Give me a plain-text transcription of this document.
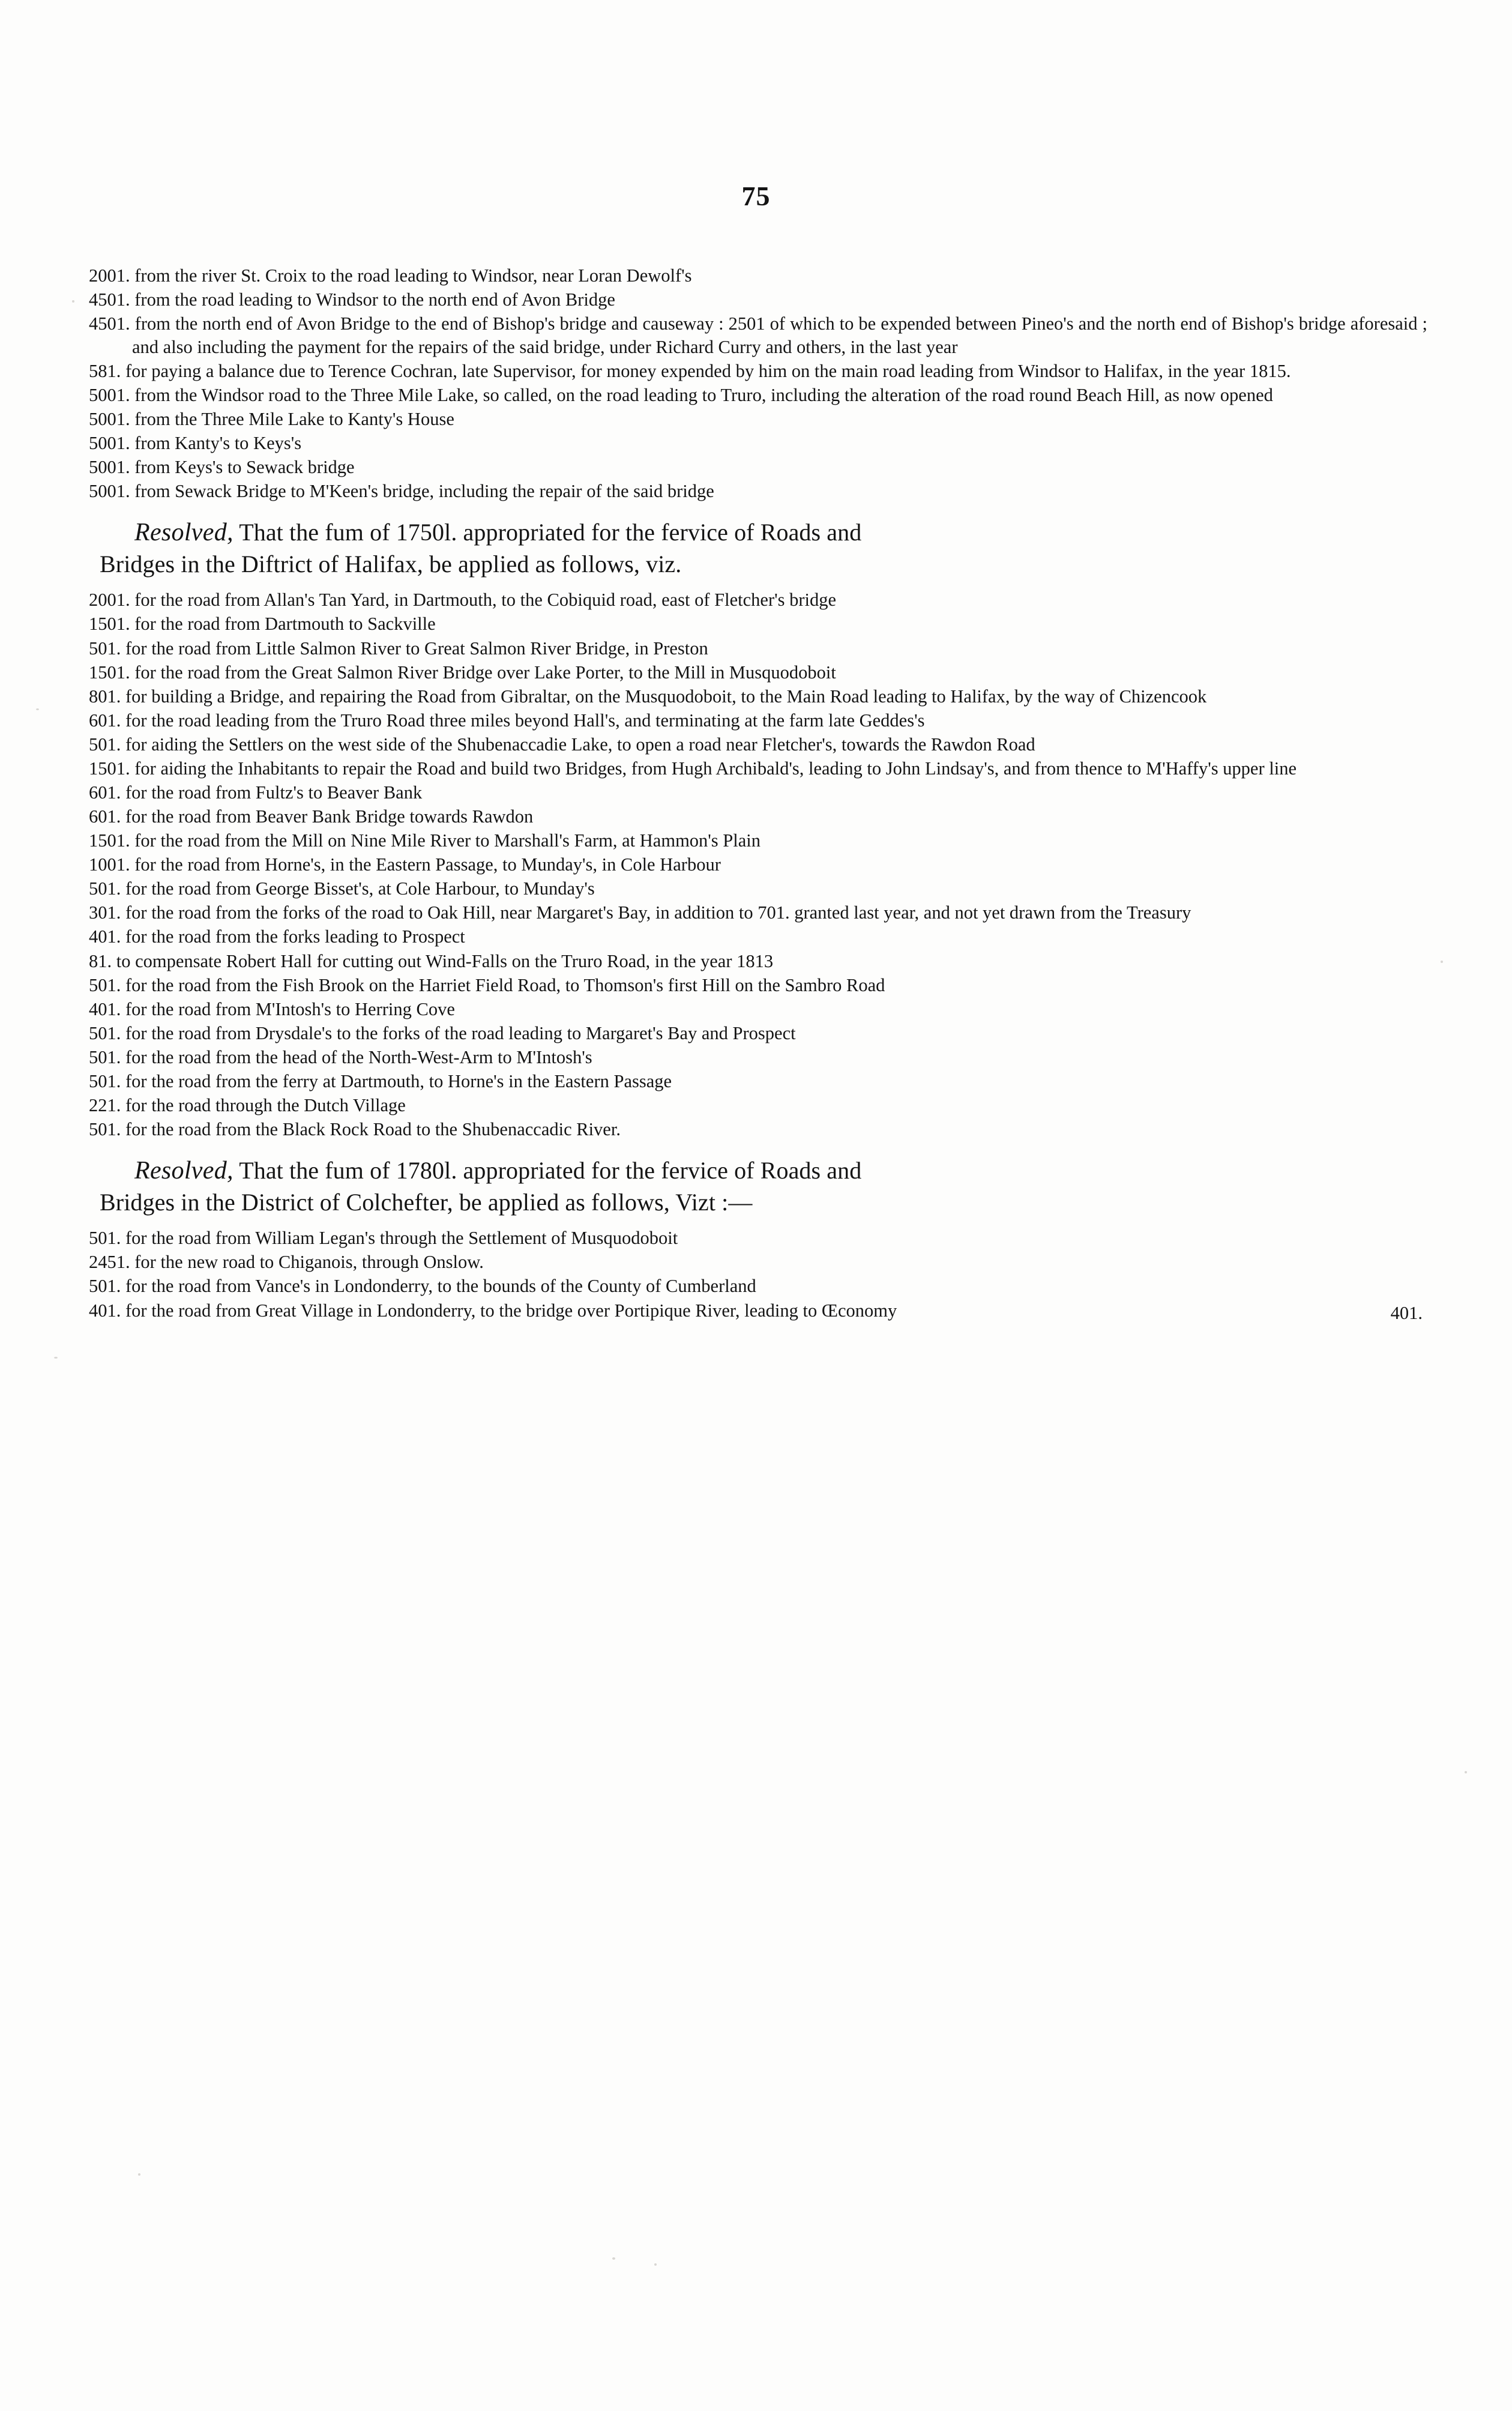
75
2001. from the river St. Croix to the road leading to Windsor, near Loran Dewolf's
4501. from the road leading to Windsor to the north end of Avon Bridge
4501. from the north end of Avon Bridge to the end of Bishop's bridge and causeway : 2501 of which to be expended between Pineo's and the north end of Bishop's bridge aforesaid ; and also including the payment for the repairs of the said bridge, under Richard Curry and others, in the last year
581. for paying a balance due to Terence Cochran, late Supervisor, for money expended by him on the main road leading from Windsor to Halifax, in the year 1815.
5001. from the Windsor road to the Three Mile Lake, so called, on the road leading to Truro, including the alteration of the road round Beach Hill, as now opened
5001. from the Three Mile Lake to Kanty's House
5001. from Kanty's to Keys's
5001. from Keys's to Sewack bridge
5001. from Sewack Bridge to M'Keen's bridge, including the repair of the said bridge
Resolved, That the fum of 1750l. appropriated for the fervice of Roads and
Bridges in the Diftrict of Halifax, be applied as follows, viz.
2001. for the road from Allan's Tan Yard, in Dartmouth, to the Cobiquid road, east of Fletcher's bridge
1501. for the road from Dartmouth to Sackville
501. for the road from Little Salmon River to Great Salmon River Bridge, in Preston
1501. for the road from the Great Salmon River Bridge over Lake Porter, to the Mill in Musquodoboit
801. for building a Bridge, and repairing the Road from Gibraltar, on the Musquodoboit, to the Main Road leading to Halifax, by the way of Chizencook
601. for the road leading from the Truro Road three miles beyond Hall's, and terminating at the farm late Geddes's
501. for aiding the Settlers on the west side of the Shubenaccadie Lake, to open a road near Fletcher's, towards the Rawdon Road
1501. for aiding the Inhabitants to repair the Road and build two Bridges, from Hugh Archibald's, leading to John Lindsay's, and from thence to M'Haffy's upper line
601. for the road from Fultz's to Beaver Bank
601. for the road from Beaver Bank Bridge towards Rawdon
1501. for the road from the Mill on Nine Mile River to Marshall's Farm, at Hammon's Plain
1001. for the road from Horne's, in the Eastern Passage, to Munday's, in Cole Harbour
501. for the road from George Bisset's, at Cole Harbour, to Munday's
301. for the road from the forks of the road to Oak Hill, near Margaret's Bay, in addition to 701. granted last year, and not yet drawn from the Treasury
401. for the road from the forks leading to Prospect
81. to compensate Robert Hall for cutting out Wind-Falls on the Truro Road, in the year 1813
501. for the road from the Fish Brook on the Harriet Field Road, to Thomson's first Hill on the Sambro Road
401. for the road from M'Intosh's to Herring Cove
501. for the road from Drysdale's to the forks of the road leading to Margaret's Bay and Prospect
501. for the road from the head of the North-West-Arm to M'Intosh's
501. for the road from the ferry at Dartmouth, to Horne's in the Eastern Passage
221. for the road through the Dutch Village
501. for the road from the Black Rock Road to the Shubenaccadic River.
Resolved, That the fum of 1780l. appropriated for the fervice of Roads and
Bridges in the District of Colchefter, be applied as follows, Vizt :—
501. for the road from William Legan's through the Settlement of Musquodoboit
2451. for the new road to Chiganois, through Onslow.
501. for the road from Vance's in Londonderry, to the bounds of the County of Cumberland
401. for the road from Great Village in Londonderry, to the bridge over Portipique River, leading to Œconomy	401.
